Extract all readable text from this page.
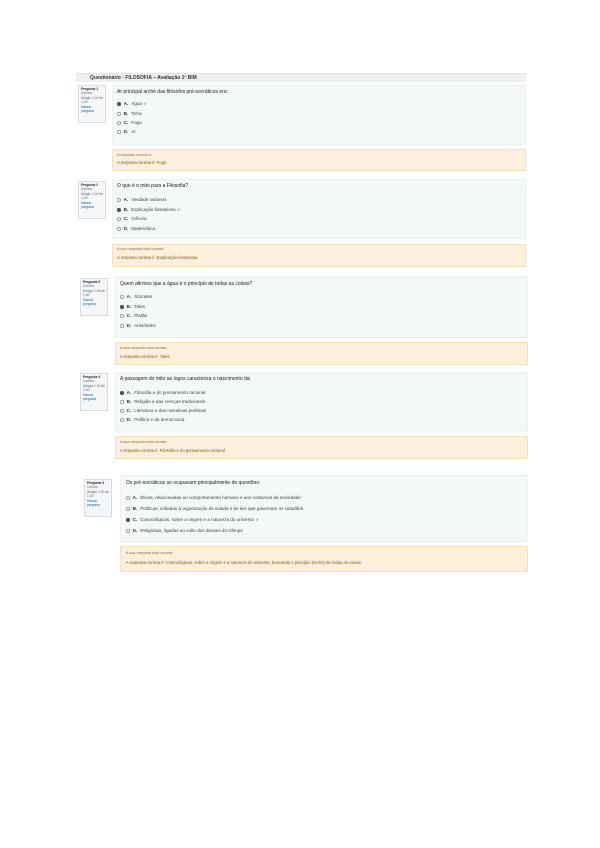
Questionário · FILOSOFIA – Avaliação 1º BIM
Pergunta 1
Correto
Atingiu 1,00 de 1,00
Marcar pergunta
Ar principal arché das filósofos pré-socráticos era:
A. Água ✓
B. Terra
C. Fogo
D. Ar
A resposta correta é:
A resposta correta é: Fogo
Pergunta 2
Correto
Atingiu 1,00 de 1,00
Marcar pergunta
O que é o mito para a Filosofia?
A. Verdade racional
B. Explicação fantasiosa ✓
C. Ciência
D. Matemática
A sua resposta está correta.
A resposta correta é: Explicação fantasiosa
Pergunta 3
Correto
Atingiu 1,00 de 1,00
Marcar pergunta
Quem afirmou que a água é o princípio de todas as coisas?
A. Sócrates
B. Tales
C. Platão
D. Aristóteles
A sua resposta está correta.
A resposta correta é: Tales
Pergunta 4
Correto
Atingiu 1,00 de 1,00
Marcar pergunta
A passagem do mito ao logos caracteriza o nascimento da:
A. Filosofia e do pensamento racional
B. Religião e das crenças tradicionais
C. Literatura e das narrativas poéticas
D. Política e da democracia
A sua resposta está correta.
A resposta correta é: Filosofia e do pensamento racional
Pergunta 5
Correto
Atingiu 1,00 de 1,00
Marcar pergunta
Os pré-socráticos se ocupavam principalmente de questões:
A. Éticas, relacionadas ao comportamento humano e aos costumes da sociedade
B. Políticas, voltadas à organização da cidade e às leis que governam os cidadãos
C. Cosmológicas, sobre a origem e a natureza do universo ✓
D. Religiosas, ligadas ao culto dos deuses do Olimpo
A sua resposta está correta.
A resposta correta é: Cosmológicas, sobre a origem e a natureza do universo, buscando o princípio (arché) de todas as coisas
